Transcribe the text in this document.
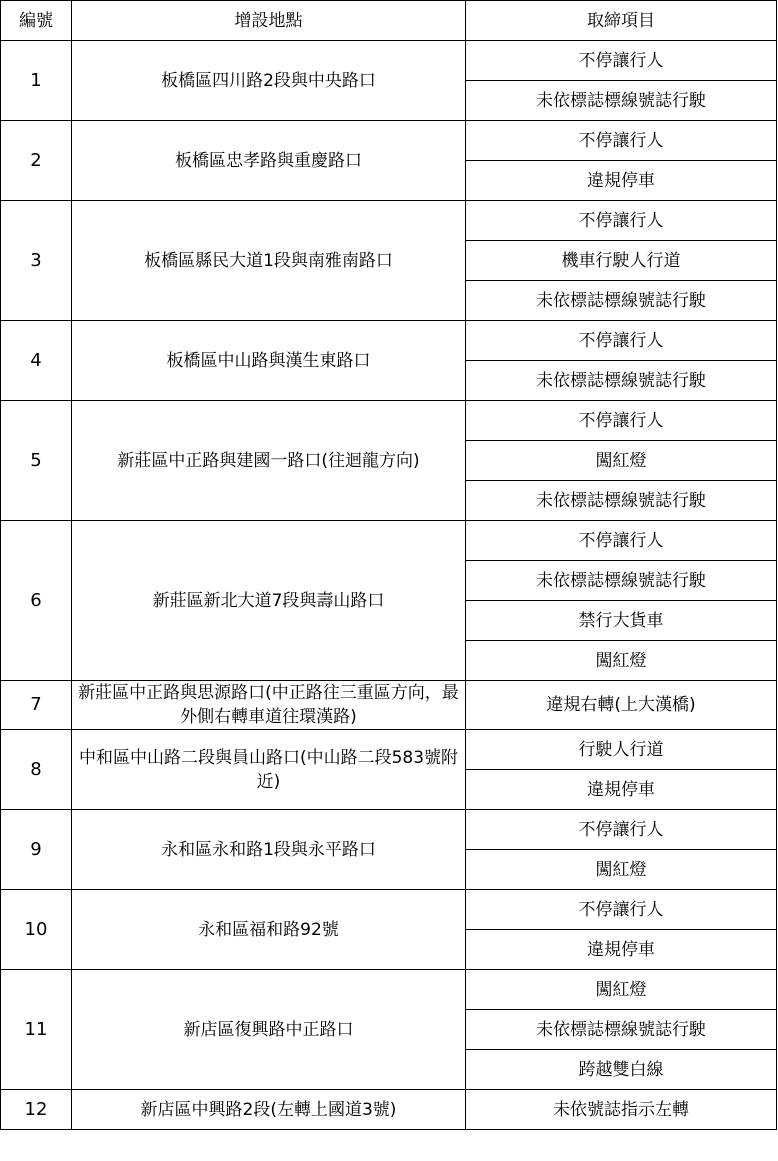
編號	增設地點	取締項目
1	板橋區四川路2段與中央路口	不停讓行人
		未依標誌標線號誌行駛
2	板橋區忠孝路與重慶路口	不停讓行人
		違規停車
3	板橋區縣民大道1段與南雅南路口	不停讓行人
		機車行駛人行道
		未依標誌標線號誌行駛
4	板橋區中山路與漢生東路口	不停讓行人
		未依標誌標線號誌行駛
5	新莊區中正路與建國一路口(往迴龍方向)	不停讓行人
		闖紅燈
		未依標誌標線號誌行駛
6	新莊區新北大道7段與壽山路口	不停讓行人
		未依標誌標線號誌行駛
		禁行大貨車
		闖紅燈
7	新莊區中正路與思源路口(中正路往三重區方向，最外側右轉車道往環漢路)	違規右轉(上大漢橋)
8	中和區中山路二段與員山路口(中山路二段583號附近)	行駛人行道
		違規停車
9	永和區永和路1段與永平路口	不停讓行人
		闖紅燈
10	永和區福和路92號	不停讓行人
		違規停車
11	新店區復興路中正路口	闖紅燈
		未依標誌標線號誌行駛
		跨越雙白線
12	新店區中興路2段(左轉上國道3號)	未依號誌指示左轉
